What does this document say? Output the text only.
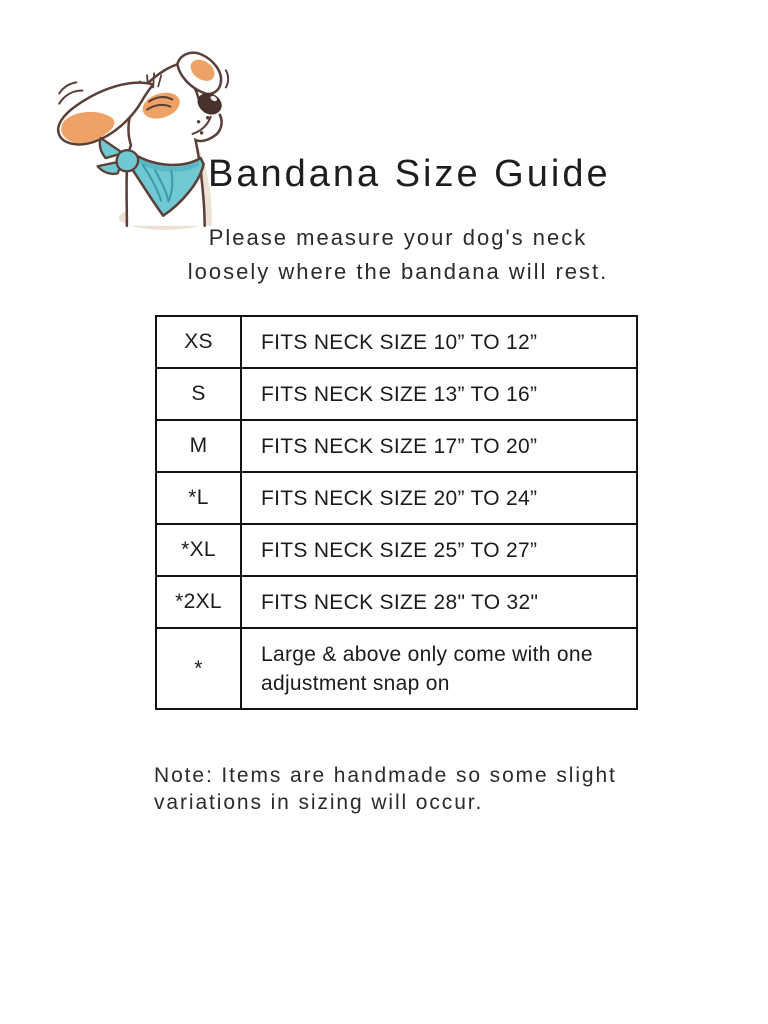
Bandana Size Guide
Please measure your dog's neck
loosely where the bandana will rest.
XS	FITS NECK SIZE 10” TO 12”
S	FITS NECK SIZE 13” TO 16”
M	FITS NECK SIZE 17” TO 20”
*L	FITS NECK SIZE 20” TO 24”
*XL	FITS NECK SIZE 25” TO 27”
*2XL	FITS NECK SIZE 28" TO 32"
*	Large & above only come with one adjustment snap on
Note: Items are handmade so some slight
variations in sizing will occur.
